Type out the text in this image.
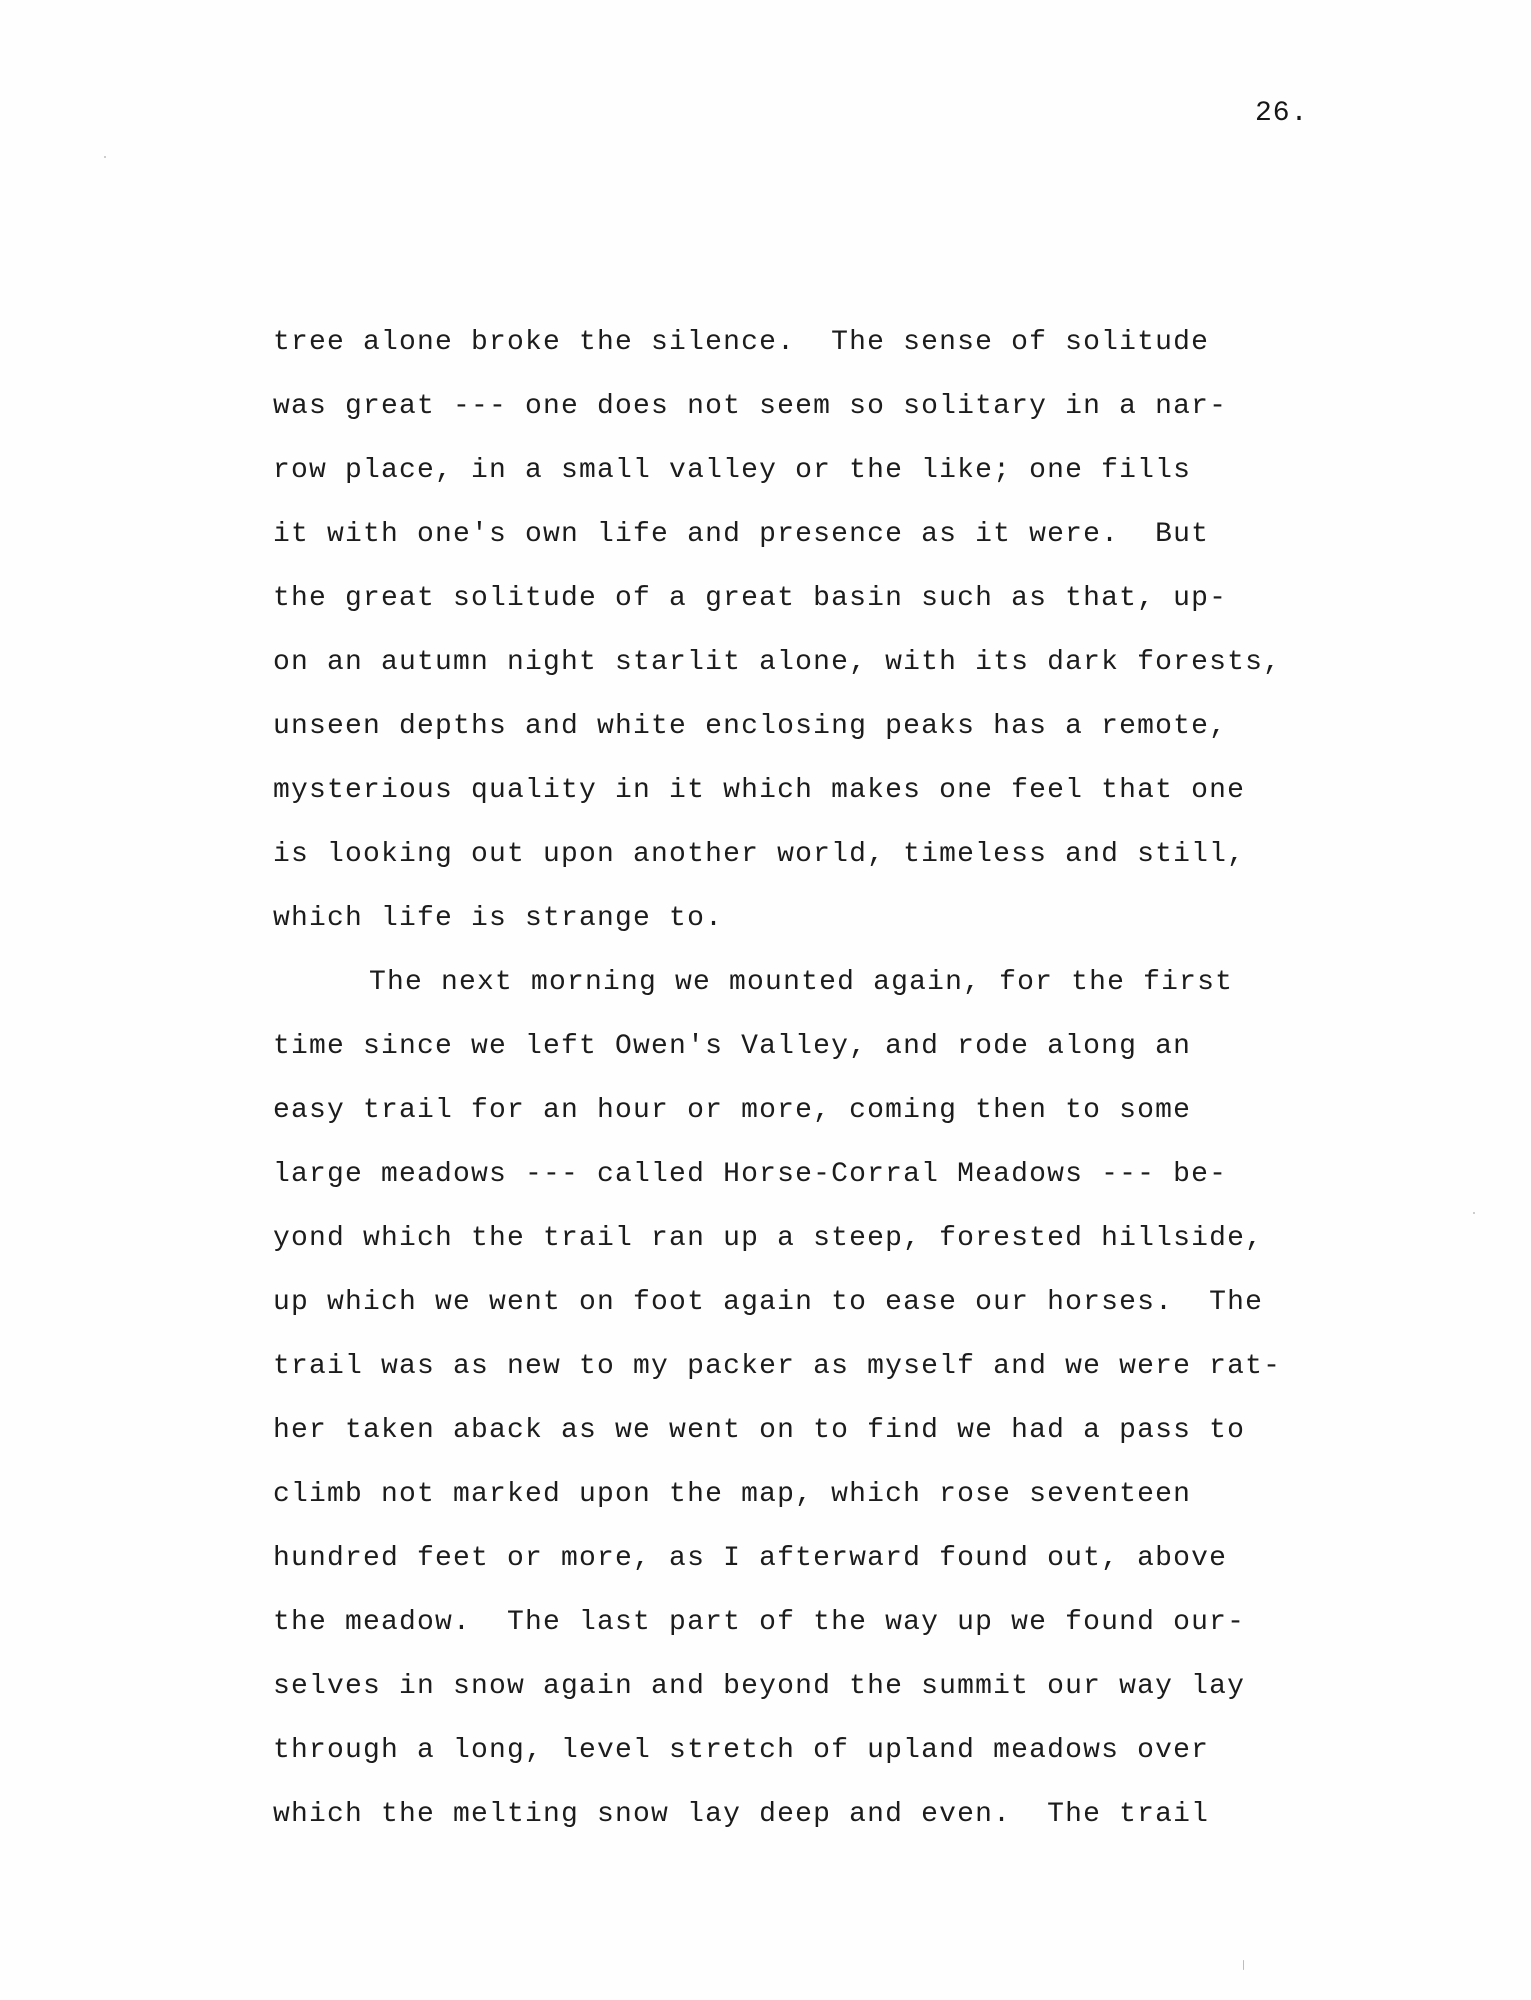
26.
tree alone broke the silence.  The sense of solitude
was great --- one does not seem so solitary in a nar-
row place, in a small valley or the like; one fills
it with one's own life and presence as it were.  But
the great solitude of a great basin such as that, up-
on an autumn night starlit alone, with its dark forests,
unseen depths and white enclosing peaks has a remote,
mysterious quality in it which makes one feel that one
is looking out upon another world, timeless and still,
which life is strange to.
The next morning we mounted again, for the first
time since we left Owen's Valley, and rode along an
easy trail for an hour or more, coming then to some
large meadows --- called Horse-Corral Meadows --- be-
yond which the trail ran up a steep, forested hillside,
up which we went on foot again to ease our horses.  The
trail was as new to my packer as myself and we were rat-
her taken aback as we went on to find we had a pass to
climb not marked upon the map, which rose seventeen
hundred feet or more, as I afterward found out, above
the meadow.  The last part of the way up we found our-
selves in snow again and beyond the summit our way lay
through a long, level stretch of upland meadows over
which the melting snow lay deep and even.  The trail
